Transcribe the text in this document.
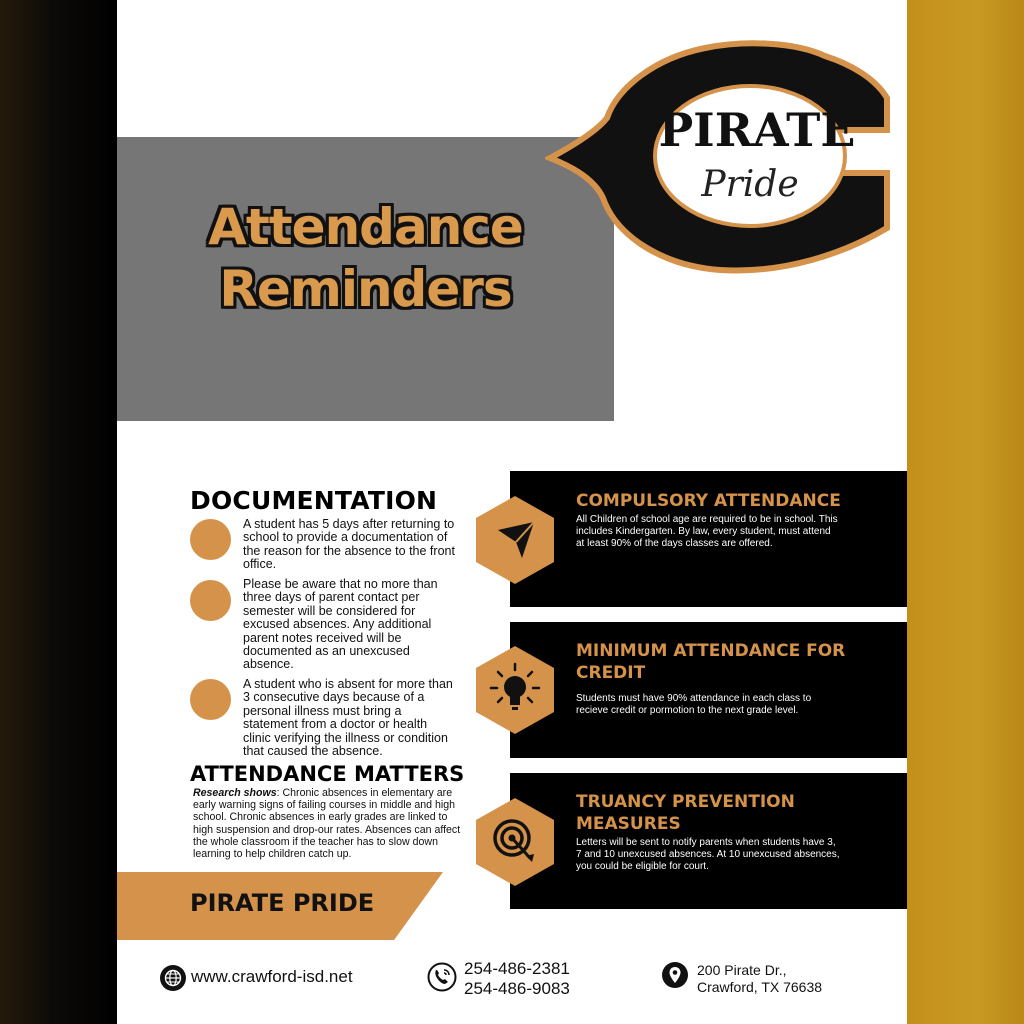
Attendance
Reminders
PIRATE
Pride
DOCUMENTATION
A student has 5 days after returning to school to provide a documentation of the reason for the absence to the front office.
Please be aware that no more than three days of parent contact per semester will be considered for excused absences. Any additional parent notes received will be documented as an unexcused absence.
A student who is absent for more than 3 consecutive days because of a personal illness must bring a statement from a doctor or health clinic verifying the illness or condition that caused the absence.
ATTENDANCE MATTERS
Research shows: Chronic absences in elementary are early warning signs of failing courses in middle and high school. Chronic absences in early grades are linked to high suspension and drop-our rates. Absences can affect the whole classroom if the teacher has to slow down learning to help children catch up.
PIRATE PRIDE
COMPULSORY ATTENDANCE
All Children of school age are required to be in school. This includes Kindergarten. By law, every student, must attend at least 90% of the days classes are offered.
MINIMUM ATTENDANCE FOR CREDIT
Students must have 90% attendance in each class to recieve credit or pormotion to the next grade level.
TRUANCY PREVENTION MEASURES
Letters will be sent to notify parents when students have 3, 7 and 10 unexcused absences. At 10 unexcused absences, you could be eligible for court.
www.crawford-isd.net	254-486-2381
254-486-9083
200 Pirate Dr.,
Crawford, TX 76638
